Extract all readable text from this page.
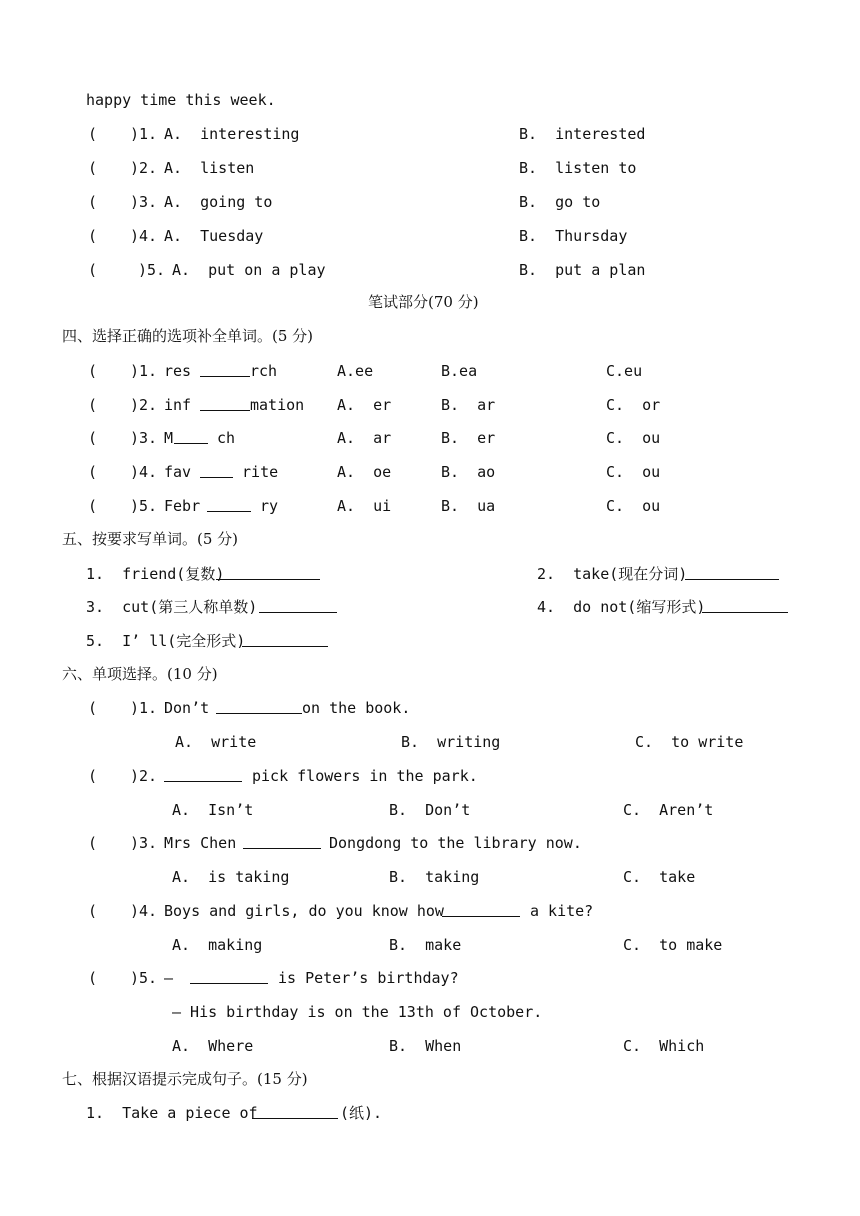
happy time this week.
( )1. A.  interesting	B.  interested
( )2. A.  listen	B.  listen to
( )3. A.  going to	B.  go to
( )4. A.  Tuesday	B.  Thursday
(	)5. A.  put on a play	B.  put a plan
笔试部分(70 分)
四、选择正确的选项补全单词。(5 分)
( )1. res	rch	A.ee	B.ea	C.eu
( )2. inf	mation A.  er	B.  ar	C.  or
( )3. M ch	A.  ar	B.  er	C.  ou
( )4. fav	rite	A.  oe	B.  ao	C.  ou
( )5. Febr	ry	A.  ui	B.  ua	C.  ou
五、按要求写单词。(5 分)
1.  friend(复数)	2.  take(现在分词)
3.  cut(第三人称单数)	4.  do not(缩写形式)
5.  I’ ll(完全形式)
六、单项选择。(10 分)
( )1. Don’t	on the book.
A.  write	B.  writing	C.  to write
( )2.	pick flowers in the park.
A.  Isn’t	B.  Don’t	C.  Aren’t
( )3. Mrs Chen	Dongdong to the library now.
A.  is taking	B.  taking	C.  take
( )4. Boys and girls, do you know how	a kite?
A.  making	B.  make	C.  to make
( )5. —	is Peter’s birthday?
— His birthday is on the 13th of October.
A.  Where	B.  When	C.  Which
七、根据汉语提示完成句子。(15 分)
1.  Take a piece of	(纸).
